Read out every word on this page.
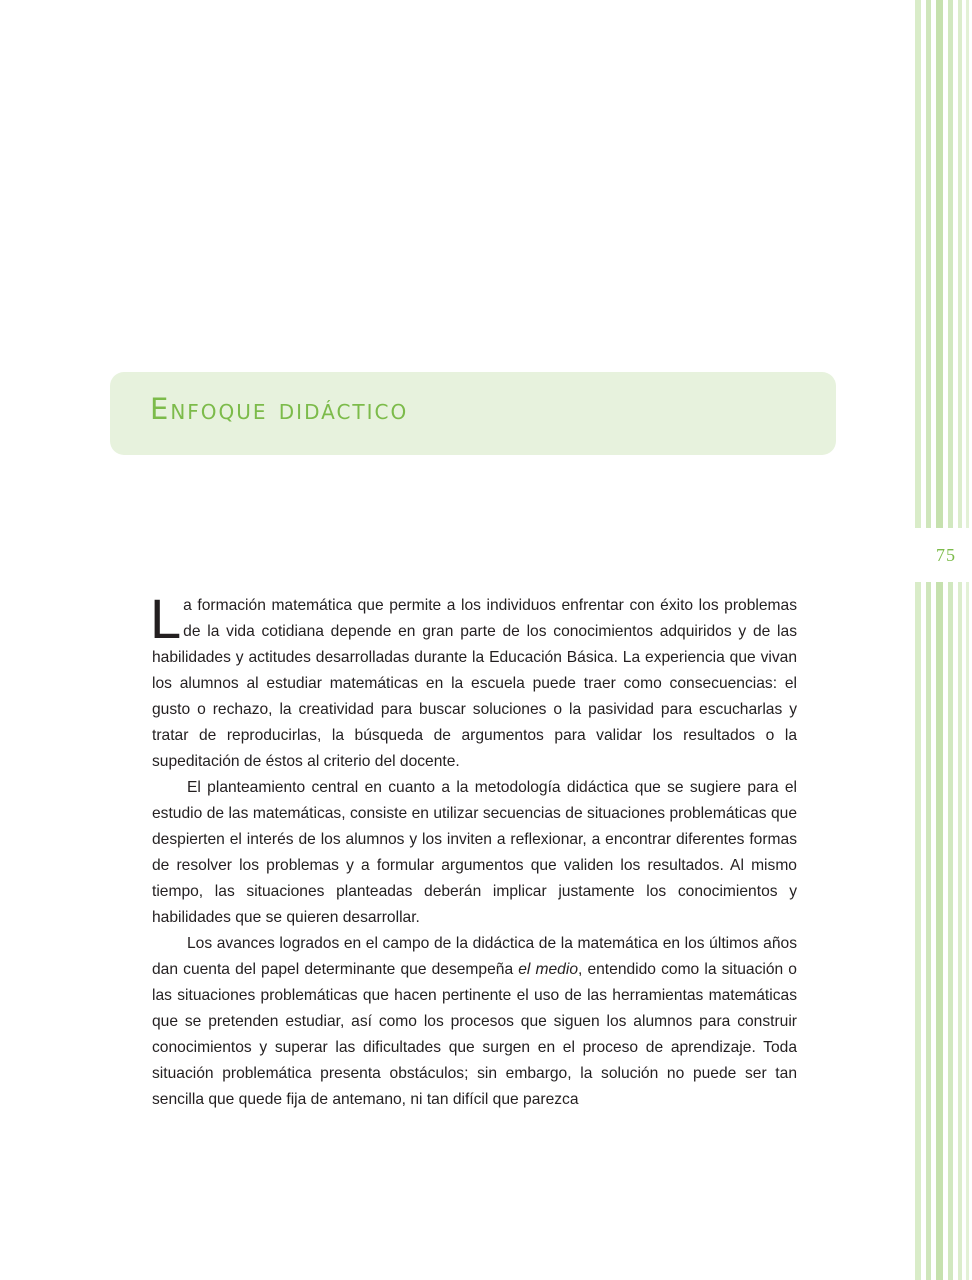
75
Enfoque didáctico

La formación matemática que permite a los individuos enfrentar con éxito los problemas de la vida cotidiana depende en gran parte de los conocimientos adquiridos y de las habilidades y actitudes desarrolladas durante la Educación Básica. La experiencia que vivan los alumnos al estudiar matemáticas en la escuela puede traer como consecuencias: el gusto o rechazo, la creatividad para buscar soluciones o la pasividad para escucharlas y tratar de reproducirlas, la búsqueda de argumentos para validar los resultados o la supeditación de éstos al criterio del docente.

El planteamiento central en cuanto a la metodología didáctica que se sugiere para el estudio de las matemáticas, consiste en utilizar secuencias de situaciones problemáticas que despierten el interés de los alumnos y los inviten a reflexionar, a encontrar diferentes formas de resolver los problemas y a formular argumentos que validen los resultados. Al mismo tiempo, las situaciones planteadas deberán implicar justamente los conocimientos y habilidades que se quieren desarrollar.

Los avances logrados en el campo de la didáctica de la matemática en los últimos años dan cuenta del papel determinante que desempeña el medio, entendido como la situación o las situaciones problemáticas que hacen pertinente el uso de las herramientas matemáticas que se pretenden estudiar, así como los procesos que siguen los alumnos para construir conocimientos y superar las dificultades que surgen en el proceso de aprendizaje. Toda situación problemática presenta obstáculos; sin embargo, la solución no puede ser tan sencilla que quede fija de antemano, ni tan difícil que parezca
